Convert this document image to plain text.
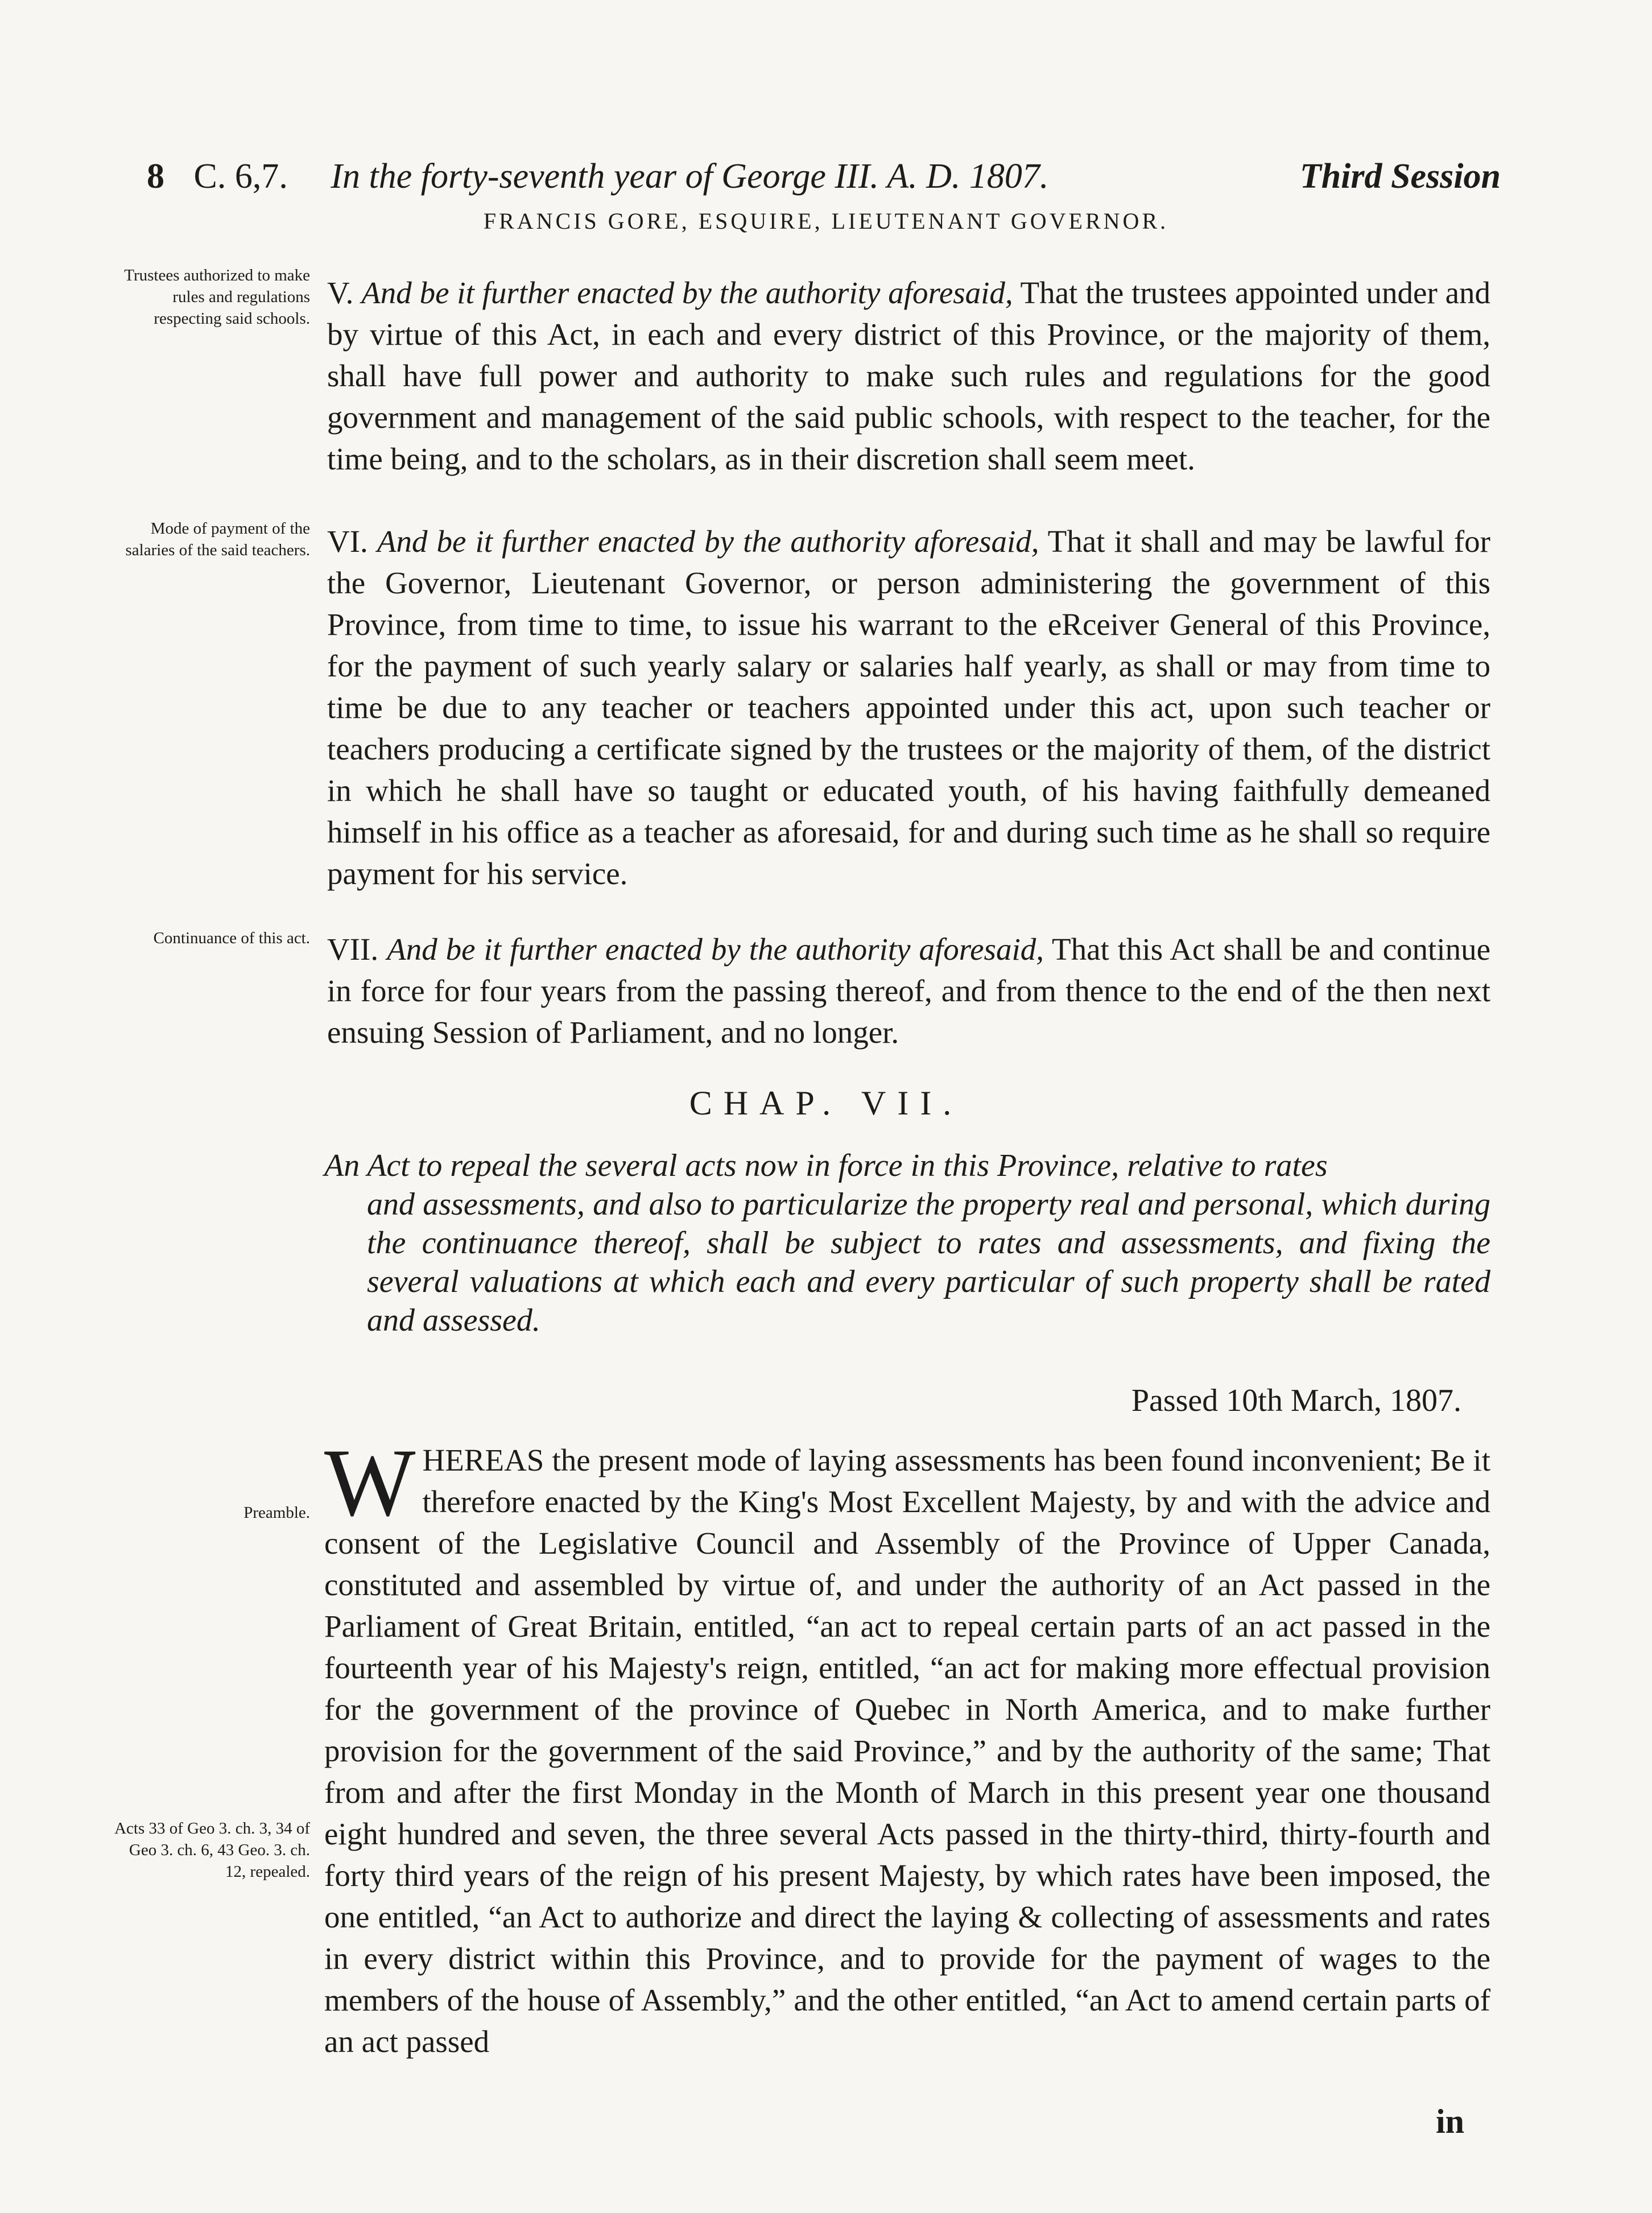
8 C. 6,7. In the forty-seventh year of George III. A. D. 1807.	Third Session
FRANCIS GORE, ESQUIRE, LIEUTENANT GOVERNOR.
Trustees authorized to make rules and regulations respecting said schools.
V. And be it further enacted by the authority aforesaid, That the trustees appointed under and by virtue of this Act, in each and every district of this Province, or the majority of them, shall have full power and authority to make such rules and regulations for the good government and management of the said public schools, with respect to the teacher, for the time being, and to the scholars, as in their discretion shall seem meet.
Mode of payment of the salaries of the said teachers. VI. And be it further enacted by the authority aforesaid, That it shall and may be lawful for the Governor, Lieutenant Governor, or person administering the government of this Province, from time to time, to issue his warrant to the eRceiver General of this Province, for the payment of such yearly salary or salaries half yearly, as shall or may from time to time be due to any teacher or teachers appointed under this act, upon such teacher or teachers producing a certificate signed by the trustees or the majority of them, of the district in which he shall have so taught or educated youth, of his having faithfully demeaned himself in his office as a teacher as aforesaid, for and during such time as he shall so require payment for his service.
Continuance of this act. VII. And be it further enacted by the authority aforesaid, That this Act shall be and continue in force for four years from the passing thereof, and from thence to the end of the then next ensuing Session of Parliament, and no longer.
CHAP. VII.
An Act to repeal the several acts now in force in this Province, relative to rates
and assessments, and also to particularize the property real and personal, which during the continuance thereof, shall be subject to rates and assessments, and fixing the several valuations at which each and every particular of such property shall be rated and assessed.
Passed 10th March, 1807.
Preamble.
Acts 33 of Geo 3. ch. 3, 34 of Geo 3. ch. 6, 43 Geo. 3. ch. 12, repealed.
WHEREAS the present mode of laying assessments has been found inconvenient; Be it therefore enacted by the King's Most Excellent Majesty, by and with the advice and consent of the Legislative Council and Assembly of the Province of Upper Canada, constituted and assembled by virtue of, and under the authority of an Act passed in the Parliament of Great Britain, entitled, “an act to repeal certain parts of an act passed in the fourteenth year of his Majesty's reign, entitled, “an act for making more effectual provision for the government of the province of Quebec in North America, and to make further provision for the government of the said Province,” and by the authority of the same; That from and after the first Monday in the Month of March in this present year one thousand eight hundred and seven, the three several Acts passed in the thirty-third, thirty-fourth and forty third years of the reign of his present Majesty, by which rates have been imposed, the one entitled, “an Act to authorize and direct the laying & collecting of assessments and rates in every district within this Province, and to provide for the payment of wages to the members of the house of Assembly,” and the other entitled, “an Act to amend certain parts of an act passed
in
